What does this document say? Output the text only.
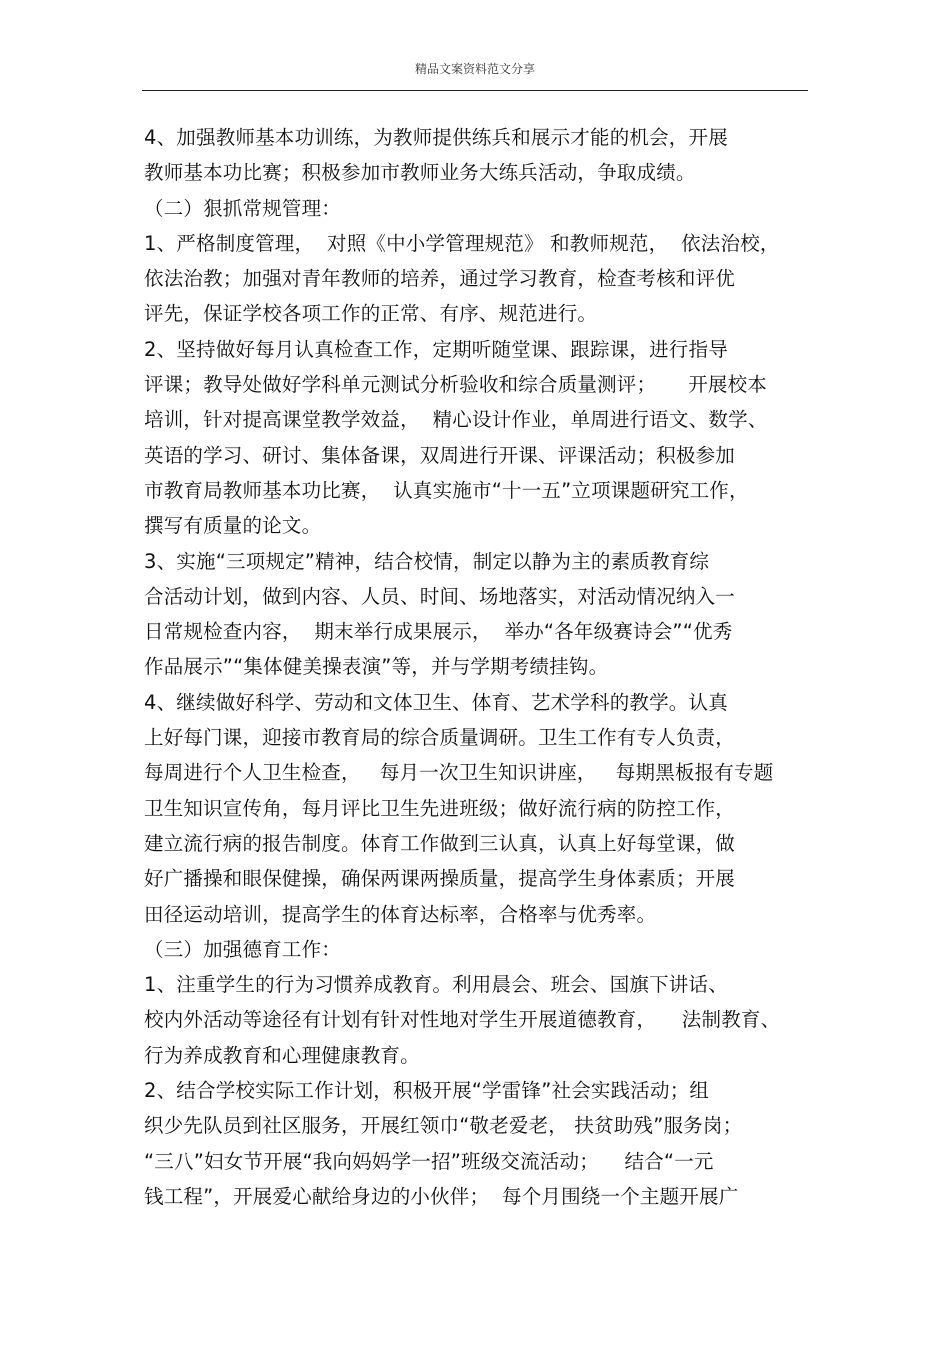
精品文案资料范文分享
4、加强教师基本功训练，为教师提供练兵和展示才能的机会，开展
教师基本功比赛；积极参加市教师业务大练兵活动，争取成绩。
（二）狠抓常规管理：
1、严格制度管理，  对照《中小学管理规范》 和教师规范，  依法治校，
依法治教；加强对青年教师的培养，通过学习教育，检查考核和评优
评先，保证学校各项工作的正常、有序、规范进行。
2、坚持做好每月认真检查工作，定期听随堂课、跟踪课，进行指导
评课；教导处做好学科单元测试分析验收和综合质量测评；     开展校本
培训，针对提高课堂教学效益，  精心设计作业，单周进行语文、数学、
英语的学习、研讨、集体备课，双周进行开课、评课活动；积极参加
市教育局教师基本功比赛，  认真实施市“十一五”立项课题研究工作，
撰写有质量的论文。
3、实施“三项规定”精神，结合校情，制定以静为主的素质教育综
合活动计划，做到内容、人员、时间、场地落实，对活动情况纳入一
日常规检查内容，  期末举行成果展示，  举办“各年级赛诗会”“优秀
作品展示”“集体健美操表演”等，并与学期考绩挂钩。
4、继续做好科学、劳动和文体卫生、体育、艺术学科的教学。认真
上好每门课，迎接市教育局的综合质量调研。卫生工作有专人负责，
每周进行个人卫生检查，   每月一次卫生知识讲座，   每期黑板报有专题
卫生知识宣传角，每月评比卫生先进班级；做好流行病的防控工作，
建立流行病的报告制度。体育工作做到三认真，认真上好每堂课，做
好广播操和眼保健操，确保两课两操质量，提高学生身体素质；开展
田径运动培训，提高学生的体育达标率，合格率与优秀率。
（三）加强德育工作：
1、注重学生的行为习惯养成教育。利用晨会、班会、国旗下讲话、
校内外活动等途径有计划有针对性地对学生开展道德教育，    法制教育、
行为养成教育和心理健康教育。
2、结合学校实际工作计划，积极开展“学雷锋”社会实践活动；组
织少先队员到社区服务，开展红领巾“敬老爱老， 扶贫助残”服务岗；
“三八”妇女节开展“我向妈妈学一招”班级交流活动；    结合“一元
钱工程”，开展爱心献给身边的小伙伴；  每个月围绕一个主题开展广
